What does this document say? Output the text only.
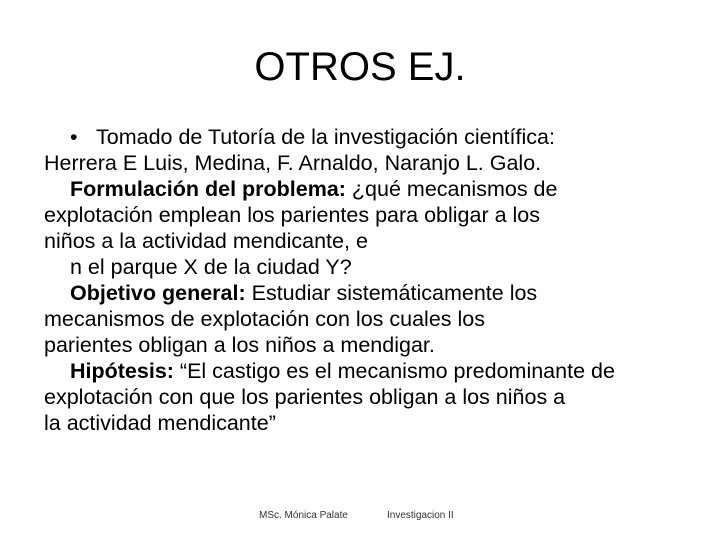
OTROS EJ.
• Tomado de Tutoría de la investigación científica:
Herrera E Luis, Medina, F. Arnaldo, Naranjo L. Galo.
Formulación del problema: ¿qué mecanismos de
explotación emplean los parientes para obligar a los
niños a la actividad mendicante, e
n el parque X de la ciudad Y?
Objetivo general: Estudiar sistemáticamente los
mecanismos de explotación con los cuales los
parientes obligan a los niños a mendigar.
Hipótesis: “El castigo es el mecanismo predominante de
explotación con que los parientes obligan a los niños a
la actividad mendicante”
MSc. Mónica Palate	Investigacion II
